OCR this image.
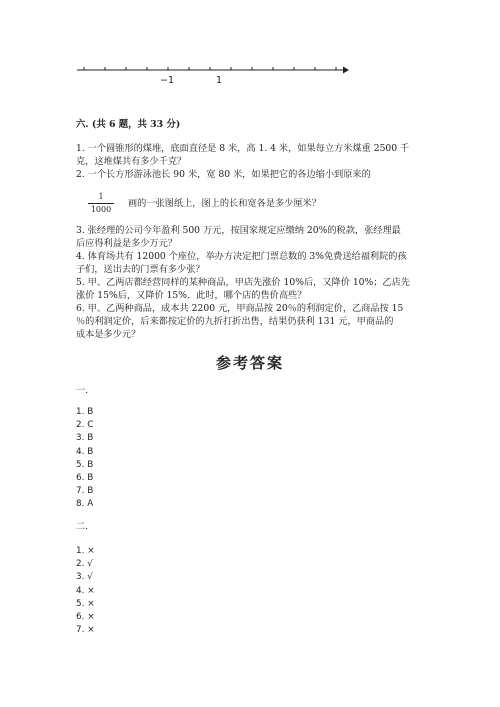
−1	1
六. (共 6 题，共 33 分)
1. 一个圆锥形的煤堆，底面直径是 8 米，高 1. 4 米，如果每立方米煤重 2500 千
克，这堆煤共有多少千克？
2. 一个长方形游泳池长 90 米，宽 80 米，如果把它的各边缩小到原来的
1
1000
画的一张图纸上，图上的长和宽各是多少厘米？
3. 张经理的公司今年盈利 500 万元，按国家规定应缴纳 20%的税款，张经理最
后应得利益是多少万元？
4. 体育场共有 12000 个座位，举办方决定把门票总数的 3%免费送给福利院的孩
子们，送出去的门票有多少张？
5. 甲、乙两店都经营同样的某种商品，甲店先涨价 10%后，又降价 10%；乙店先
涨价 15%后，又降价 15%．此时，哪个店的售价高些？
6. 甲、乙两种商品，成本共 2200 元，甲商品按 20％的利润定价，乙商品按 15
％的利润定价，后来都按定价的九折打折出售，结果仍获利 131 元，甲商品的
成本是多少元？
参考答案
一.
1. B
2. C
3. B
4. B
5. B
6. B
7. B
8. A
二.
1. ×
2. √
3. √
4. ×
5. ×
6. ×
7. ×
